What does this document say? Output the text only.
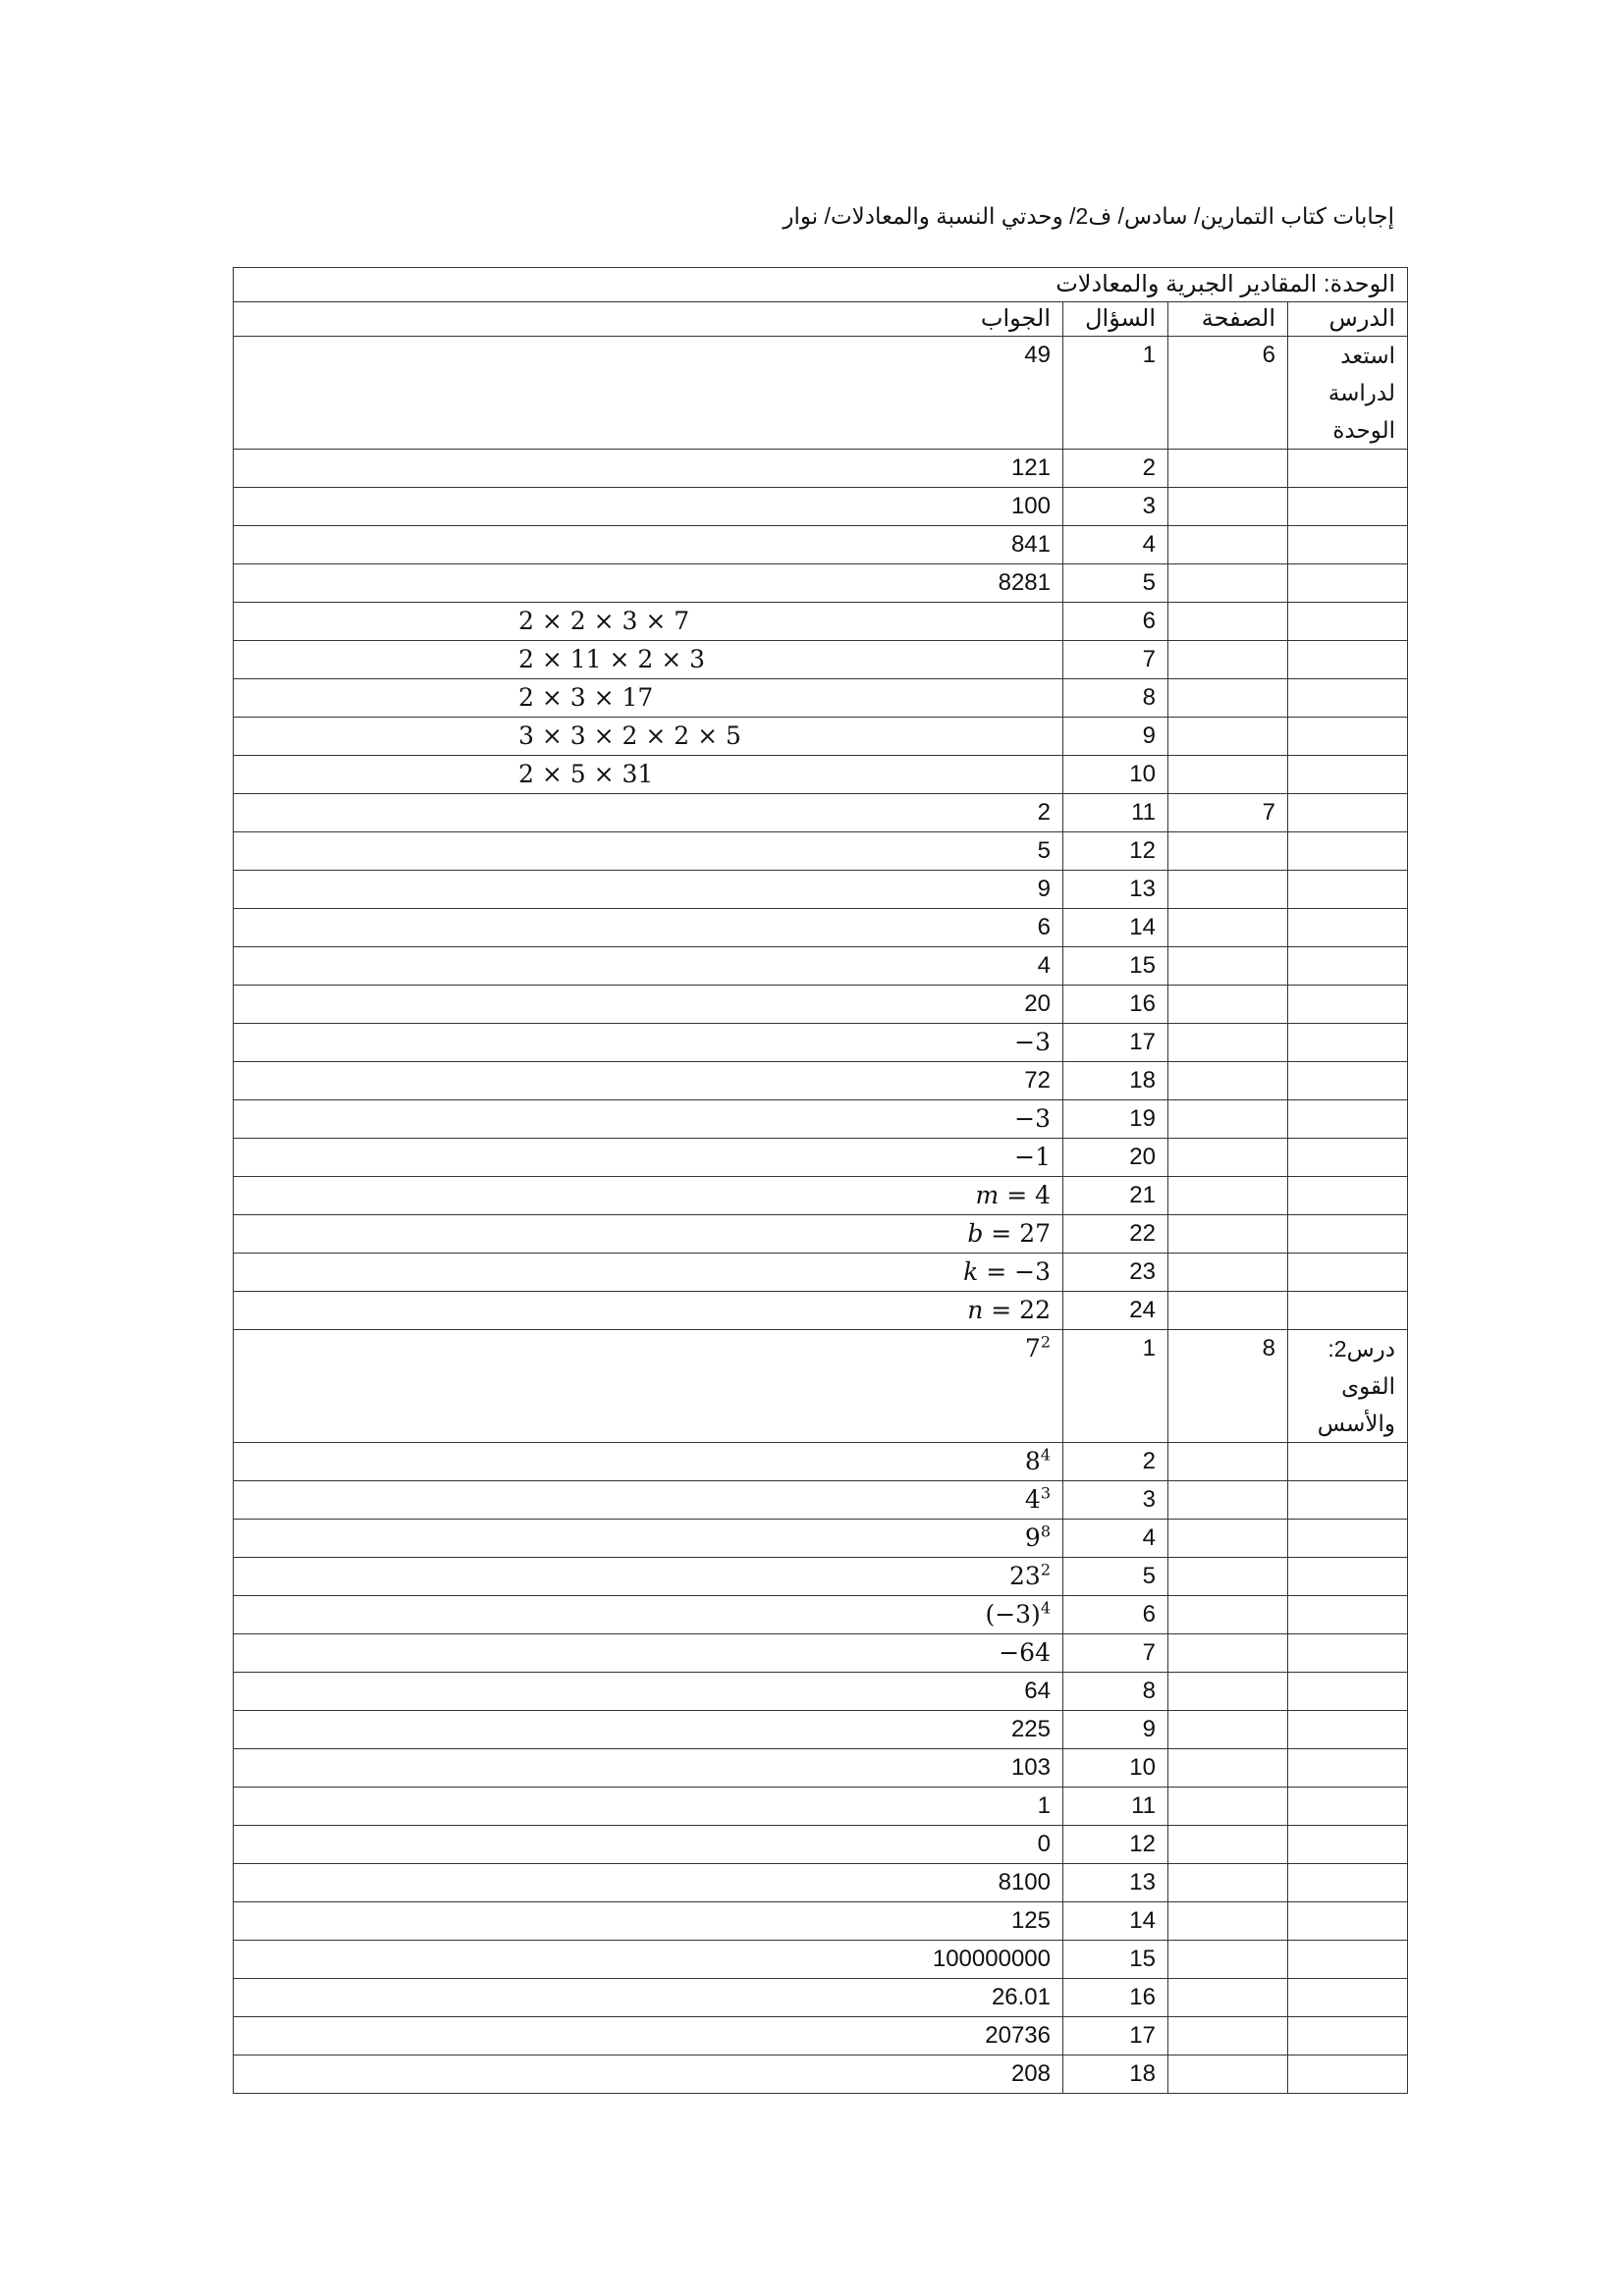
إجابات كتاب التمارين/ سادس/ ف2/ وحدتي النسبة والمعادلات/ نوار
الوحدة: المقادير الجبرية والمعادلات			
الدرس	الصفحة	السؤال	الجواب
استعد لدراسة الوحدة	6	1	49
		2	121
		3	100
		4	841
		5	8281
		6	2 × 2 × 3 × 7
		7	2 × 11 × 2 × 3
		8	2 × 3 × 17
		9	3 × 3 × 2 × 2 × 5
		10	2 × 5 × 31
	7	11	2
		12	5
		13	9
		14	6
		15	4
		16	20
		17	−3
		18	72
		19	−3
		20	−1
		21	𝑚 = 4
		22	𝑏 = 27
		23	𝑘 = −3
		24	𝑛 = 22
درس2: القوى والأسس	8	1	$7^2$
		2	$8^4$
		3	$4^3$
		4	$9^8$
		5	$23^2$
		6	$(-3)^4$
		7	−64
		8	64
		9	225
		10	103
		11	1
		12	0
		13	8100
		14	125
		15	100000000
		16	26.01
		17	20736
		18	208
